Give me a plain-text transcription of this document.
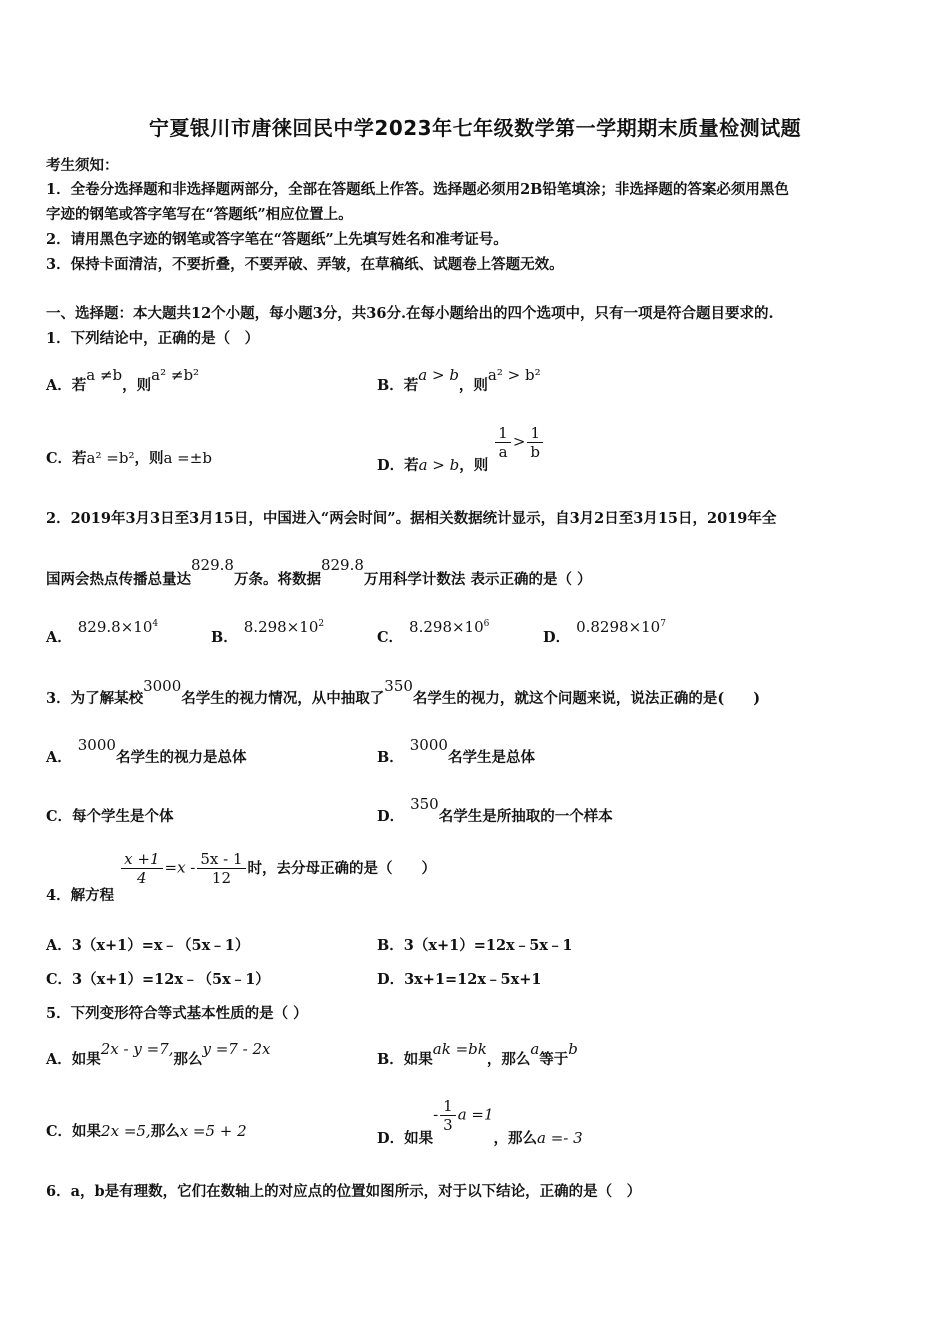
宁夏银川市唐徕回民中学2023年七年级数学第一学期期末质量检测试题
考生须知：
1．全卷分选择题和非选择题两部分，全部在答题纸上作答。选择题必须用2B铅笔填涂；非选择题的答案必须用黑色
字迹的钢笔或答字笔写在“答题纸”相应位置上。
2．请用黑色字迹的钢笔或答字笔在“答题纸”上先填写姓名和准考证号。
3．保持卡面清洁，不要折叠，不要弄破、弄皱，在草稿纸、试题卷上答题无效。
一、选择题：本大题共12个小题，每小题3分，共36分.在每小题给出的四个选项中，只有一项是符合题目要求的.
1．下列结论中，正确的是（　）
A．若a ≠b，则a² ≠b²
B．若a > b，则a² > b²
C．若a² =b²，则a =±b	D．若a > b，则
$\frac{1}{a} > \frac{1}{b}$
2．2019年3月3日至3月15日，中国进入“两会时间”。据相关数据统计显示，自3月2日至3月15日，2019年全
国两会热点传播总量达829.8万条。将数据829.8万用科学计数法 表示正确的是（ ）
A．$829.8\times 10^4$
B．$8.298\times 10^2$
C．$8.298\times 10^6$
D．$0.8298\times 10^7$
3．为了解某校3000名学生的视力情况，从中抽取了350名学生的视力，就这个问题来说，说法正确的是(　　)
A．3000名学生的视力是总体	B．3000名学生是总体
C．每个学生是个体	D．350名学生是所抽取的一个样本
4．解方程
$\frac{x +1}{4} =x - \frac{5x - 1}{12}$ 时，去分母正确的是（　　）
A．3（x+1）=x﹣（5x﹣1）	B．3（x+1）=12x﹣5x﹣1
C．3（x+1）=12x﹣（5x﹣1）	D．3x+1=12x﹣5x+1
5．下列变形符合等式基本性质的是（ ）
A．如果2x - y =7,那么y =7 - 2x
B．如果ak =bk，那么a等于b
C．如果2x =5,那么x =5 + 2	D．如果- $\frac{1}{3}$ a =1，那么a =- 3
6．a，b是有理数，它们在数轴上的对应点的位置如图所示，对于以下结论，正确的是（　）
